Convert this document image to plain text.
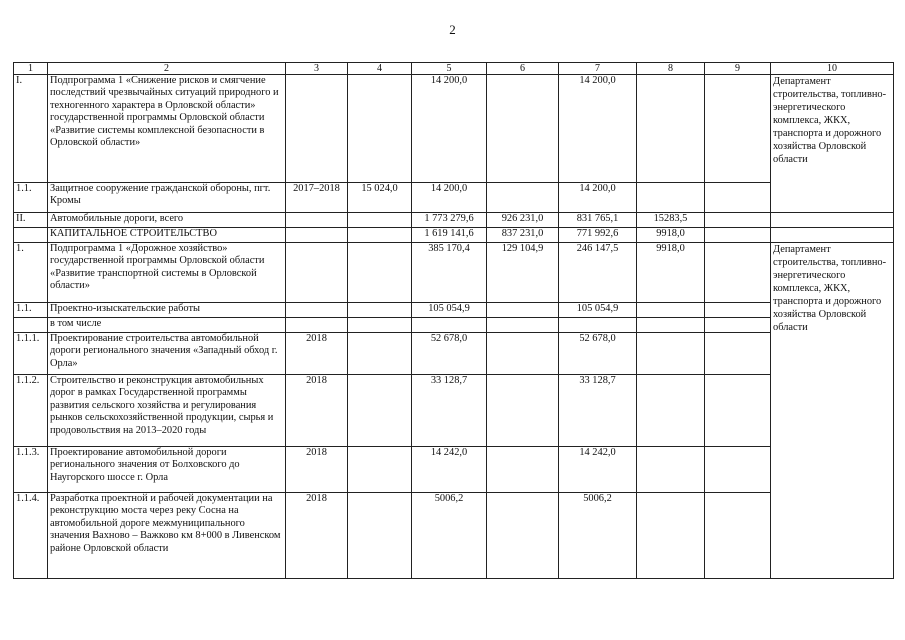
2
1	2	3	4	5	6	7	8	9	10	
I.	Подпрограмма 1 «Снижение рисков и смягчение последствий чрезвычайных ситуаций природного и техногенного характера в Орловской области» государственной программы Орловской области «Развитие системы комплексной безопасности в Орловской области»			14 200,0		14 200,0			Департамент строительства, топливно-энергетического комплекса, ЖКХ, транспорта и дорожного хозяйства Орловской области	
1.1.	Защитное сооружение гражданской обороны, пгт. Кромы	2017–2018	15 024,0	14 200,0		14 200,0				
II.	Автомобильные дороги, всего			1 773 279,6	926 231,0	831 765,1	15283,5			
	КАПИТАЛЬНОЕ СТРОИТЕЛЬСТВО			1 619 141,6	837 231,0	771 992,6	9918,0			
1.	Подпрограмма 1 «Дорожное хозяйство» государственной программы Орловской области «Развитие транспортной системы в Орловской области»			385 170,4	129 104,9	246 147,5	9918,0		Департамент строительства, топливно-энергетического комплекса, ЖКХ, транспорта и дорожного хозяйства Орловской области	
1.1.	Проектно-изыскательские работы			105 054,9		105 054,9				
	в том числе									
1.1.1.	Проектирование строительства автомобильной дороги регионального значения «Западный обход г. Орла»	2018		52 678,0		52 678,0				
1.1.2.	Строительство и реконструкция автомобильных дорог в рамках Государственной программы развития сельского хозяйства и регулирования рынков сельскохозяйственной продукции, сырья и продовольствия на 2013–2020 годы	2018		33 128,7		33 128,7				
1.1.3.	Проектирование автомобильной дороги регионального значения от Болховского до Наугорского шоссе г. Орла	2018		14 242,0		14 242,0				
1.1.4.	Разработка проектной и рабочей документации на реконструкцию моста через реку Сосна на автомобильной дороге межмуниципального значения Вахново – Важково км 8+000 в Ливенском районе Орловской области	2018		5006,2		5006,2				
